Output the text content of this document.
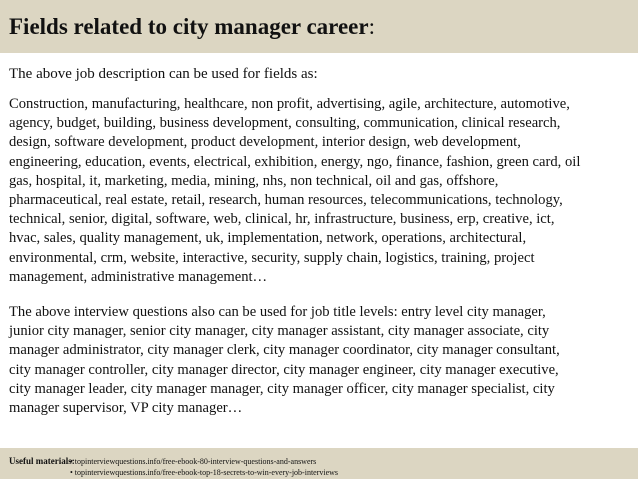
Fields related to city manager career:
The above job description can be used for fields as:
Construction, manufacturing, healthcare, non profit, advertising, agile, architecture, automotive,
agency, budget, building, business development, consulting, communication, clinical research,
design, software development, product development, interior design, web development,
engineering, education, events, electrical, exhibition, energy, ngo, finance, fashion, green card, oil
gas, hospital, it, marketing, media, mining, nhs, non technical, oil and gas, offshore,
pharmaceutical, real estate, retail, research, human resources, telecommunications, technology,
technical, senior, digital, software, web, clinical, hr, infrastructure, business, erp, creative, ict,
hvac, sales, quality management, uk, implementation, network, operations, architectural,
environmental, crm, website, interactive, security, supply chain, logistics, training, project
management, administrative management…
The above interview questions also can be used for job title levels: entry level city manager,
junior city manager, senior city manager, city manager assistant, city manager associate, city
manager administrator, city manager clerk, city manager coordinator, city manager consultant,
city manager controller, city manager director, city manager engineer, city manager executive,
city manager leader, city manager manager, city manager officer, city manager specialist, city
manager supervisor, VP city manager…
Useful materials:
• topinterviewquestions.info/free-ebook-80-interview-questions-and-answers
• topinterviewquestions.info/free-ebook-top-18-secrets-to-win-every-job-interviews
